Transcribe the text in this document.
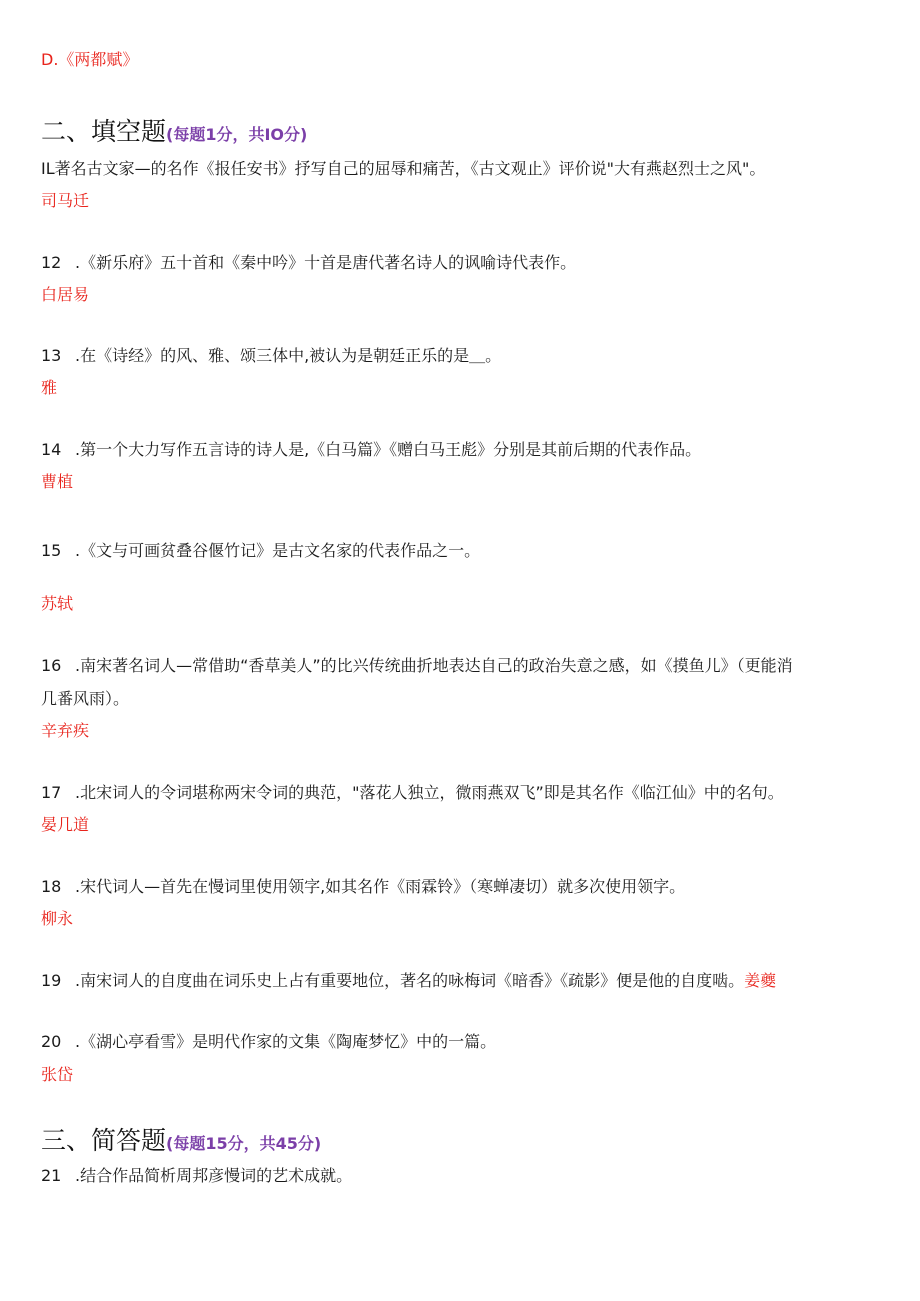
D.《两都赋》
二、填空题(每题1分，共IO分)
IL著名古文家—的名作《报任安书》抒写自己的屈辱和痛苦，《古文观止》评价说"大有燕赵烈士之风"。
司马迁
12 .《新乐府》五十首和《秦中吟》十首是唐代著名诗人的讽喻诗代表作。
白居易
13 .在《诗经》的风、雅、颂三体中,被认为是朝廷正乐的是＿。
雅
14 .第一个大力写作五言诗的诗人是,《白马篇》《赠白马王彪》分别是其前后期的代表作品。
曹植
15 .《文与可画贫叠谷偃竹记》是古文名家的代表作品之一。
苏轼
16 .南宋著名词人—常借助“香草美人”的比兴传统曲折地表达自己的政治失意之感，如《摸鱼儿》（更能消
几番风雨）。
辛弃疾
17 .北宋词人的令词堪称两宋令词的典范，"落花人独立，微雨燕双飞”即是其名作《临江仙》中的名句。
晏几道
18 .宋代词人—首先在慢词里使用领字,如其名作《雨霖铃》（寒蝉凄切）就多次使用领字。
柳永
19 .南宋词人的自度曲在词乐史上占有重要地位，著名的咏梅词《暗香》《疏影》便是他的自度啮。姜夔
20 .《湖心亭看雪》是明代作家的文集《陶庵梦忆》中的一篇。
张岱
三、简答题(每题15分，共45分)
21 .结合作品简析周邦彦慢词的艺术成就。
